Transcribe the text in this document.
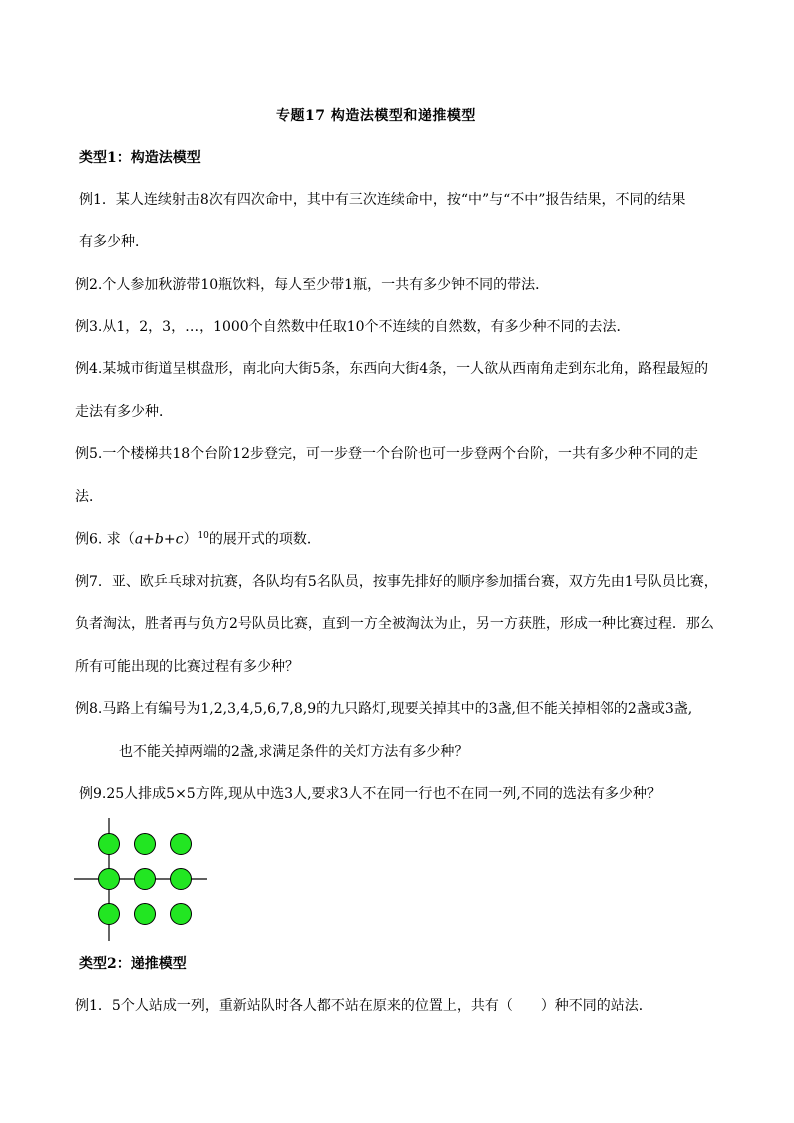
专题17 构造法模型和递推模型
类型1：构造法模型
例1．某人连续射击8次有四次命中，其中有三次连续命中，按“中”与“不中”报告结果，不同的结果
有多少种．
例2.个人参加秋游带10瓶饮料，每人至少带1瓶，一共有多少钟不同的带法．
例3.从1，2，3，…，1000个自然数中任取10个不连续的自然数，有多少种不同的去法．
例4.某城市街道呈棋盘形，南北向大街5条，东西向大街4条，一人欲从西南角走到东北角，路程最短的
走法有多少种．
例5.一个楼梯共18个台阶12步登完，可一步登一个台阶也可一步登两个台阶，一共有多少种不同的走
法．
例6. 求$(a+b+c)^{10}$的展开式的项数．
例7．亚、欧乒乓球对抗赛，各队均有5名队员，按事先排好的顺序参加擂台赛，双方先由1号队员比赛，
负者淘汰，胜者再与负方2号队员比赛，直到一方全被淘汰为止，另一方获胜，形成一种比赛过程．那么
所有可能出现的比赛过程有多少种？
例8.马路上有编号为1,2,3,4,5,6,7,8,9的九只路灯,现要关掉其中的3盏,但不能关掉相邻的2盏或3盏,
也不能关掉两端的2盏,求满足条件的关灯方法有多少种？
例9.25人排成5×5方阵,现从中选3人,要求3人不在同一行也不在同一列,不同的选法有多少种？
类型2：递推模型
例1．5个人站成一列，重新站队时各人都不站在原来的位置上，共有（　　）种不同的站法．
